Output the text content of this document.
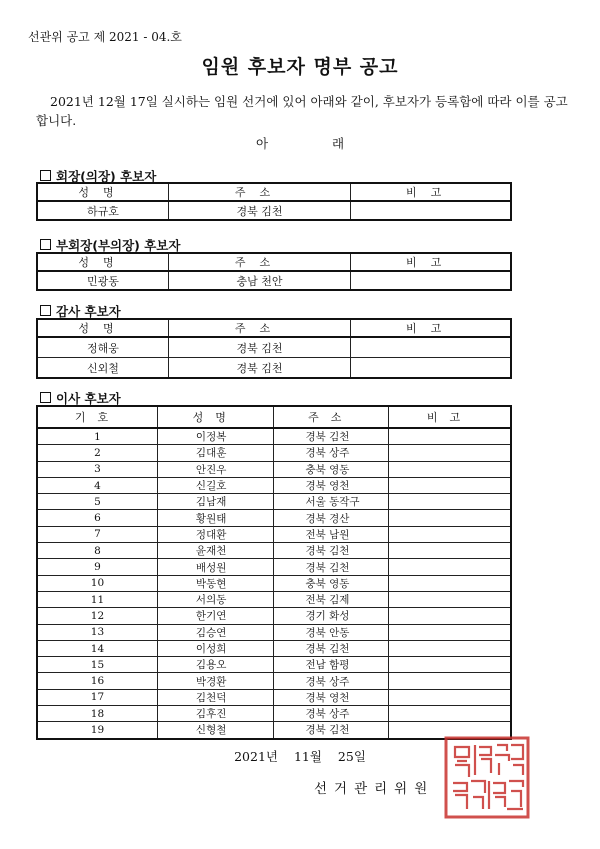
선관위 공고 제 2021 - 04.호
임원 후보자 명부 공고
2021년 12월 17일 실시하는 임원 선거에 있어 아래와 같이, 후보자가 등록함에 따라 이를 공고합니다.
아 래
회장(의장) 후보자
성명	주소	비고
하규호	경북 김천	
부회장(부의장) 후보자
성명	주소	비고
민광동	충남 천안	
감사 후보자
성명	주소	비고
정해웅	경북 김천	
신외철	경북 김천	
이사 후보자
기호	성명	주소	비고
1	이정복	경북 김천	
2	김대훈	경북 상주	
3	안진우	충북 영동	
4	신길호	경북 영천	
5	김남재	서울 동작구	
6	황원태	경북 경산	
7	정대환	전북 남원	
8	윤재천	경북 김천	
9	배성원	경북 김천	
10	박동현	충북 영동	
11	서의동	전북 김제	
12	한기연	경기 화성	
13	김승연	경북 안동	
14	이성희	경북 김천	
15	김용오	전남 함평	
16	박경환	경북 상주	
17	김천덕	경북 영천	
18	김후진	경북 상주	
19	신형철	경북 김천	
2021년 11월 25일
선거관리위원
대한민국 선거관리위원회 인
